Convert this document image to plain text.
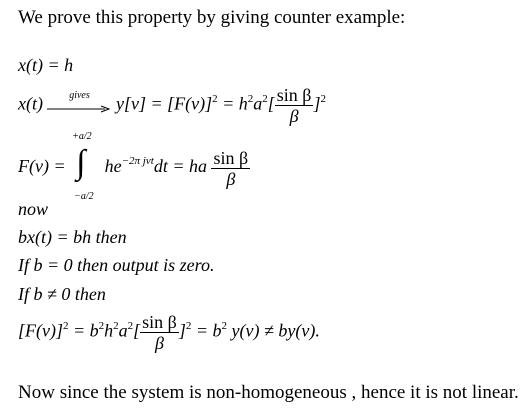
We prove this property by giving counter example:
x(t) = h
x(t)	gives	$y[\nu] = [F(\nu)]^2 = h^2a^2[ \frac{\text{sin β}}{\beta} ]^2$
F(ν) =
+a/2
∫
−a/2
$he^{-2\pi j\nu t}dt$ = ha $\frac{\text{sin β}}{\beta}$
now
bx(t) = bh then
If b = 0 then output is zero.
If b ≠ 0 then
$[F(\nu)]^2 = b^2h^2a^2[ \frac{\text{sin β}}{\beta} ]^2 = b^2$ y(ν) ≠ by(ν).
Now since the system is non-homogeneous , hence it is not linear.
